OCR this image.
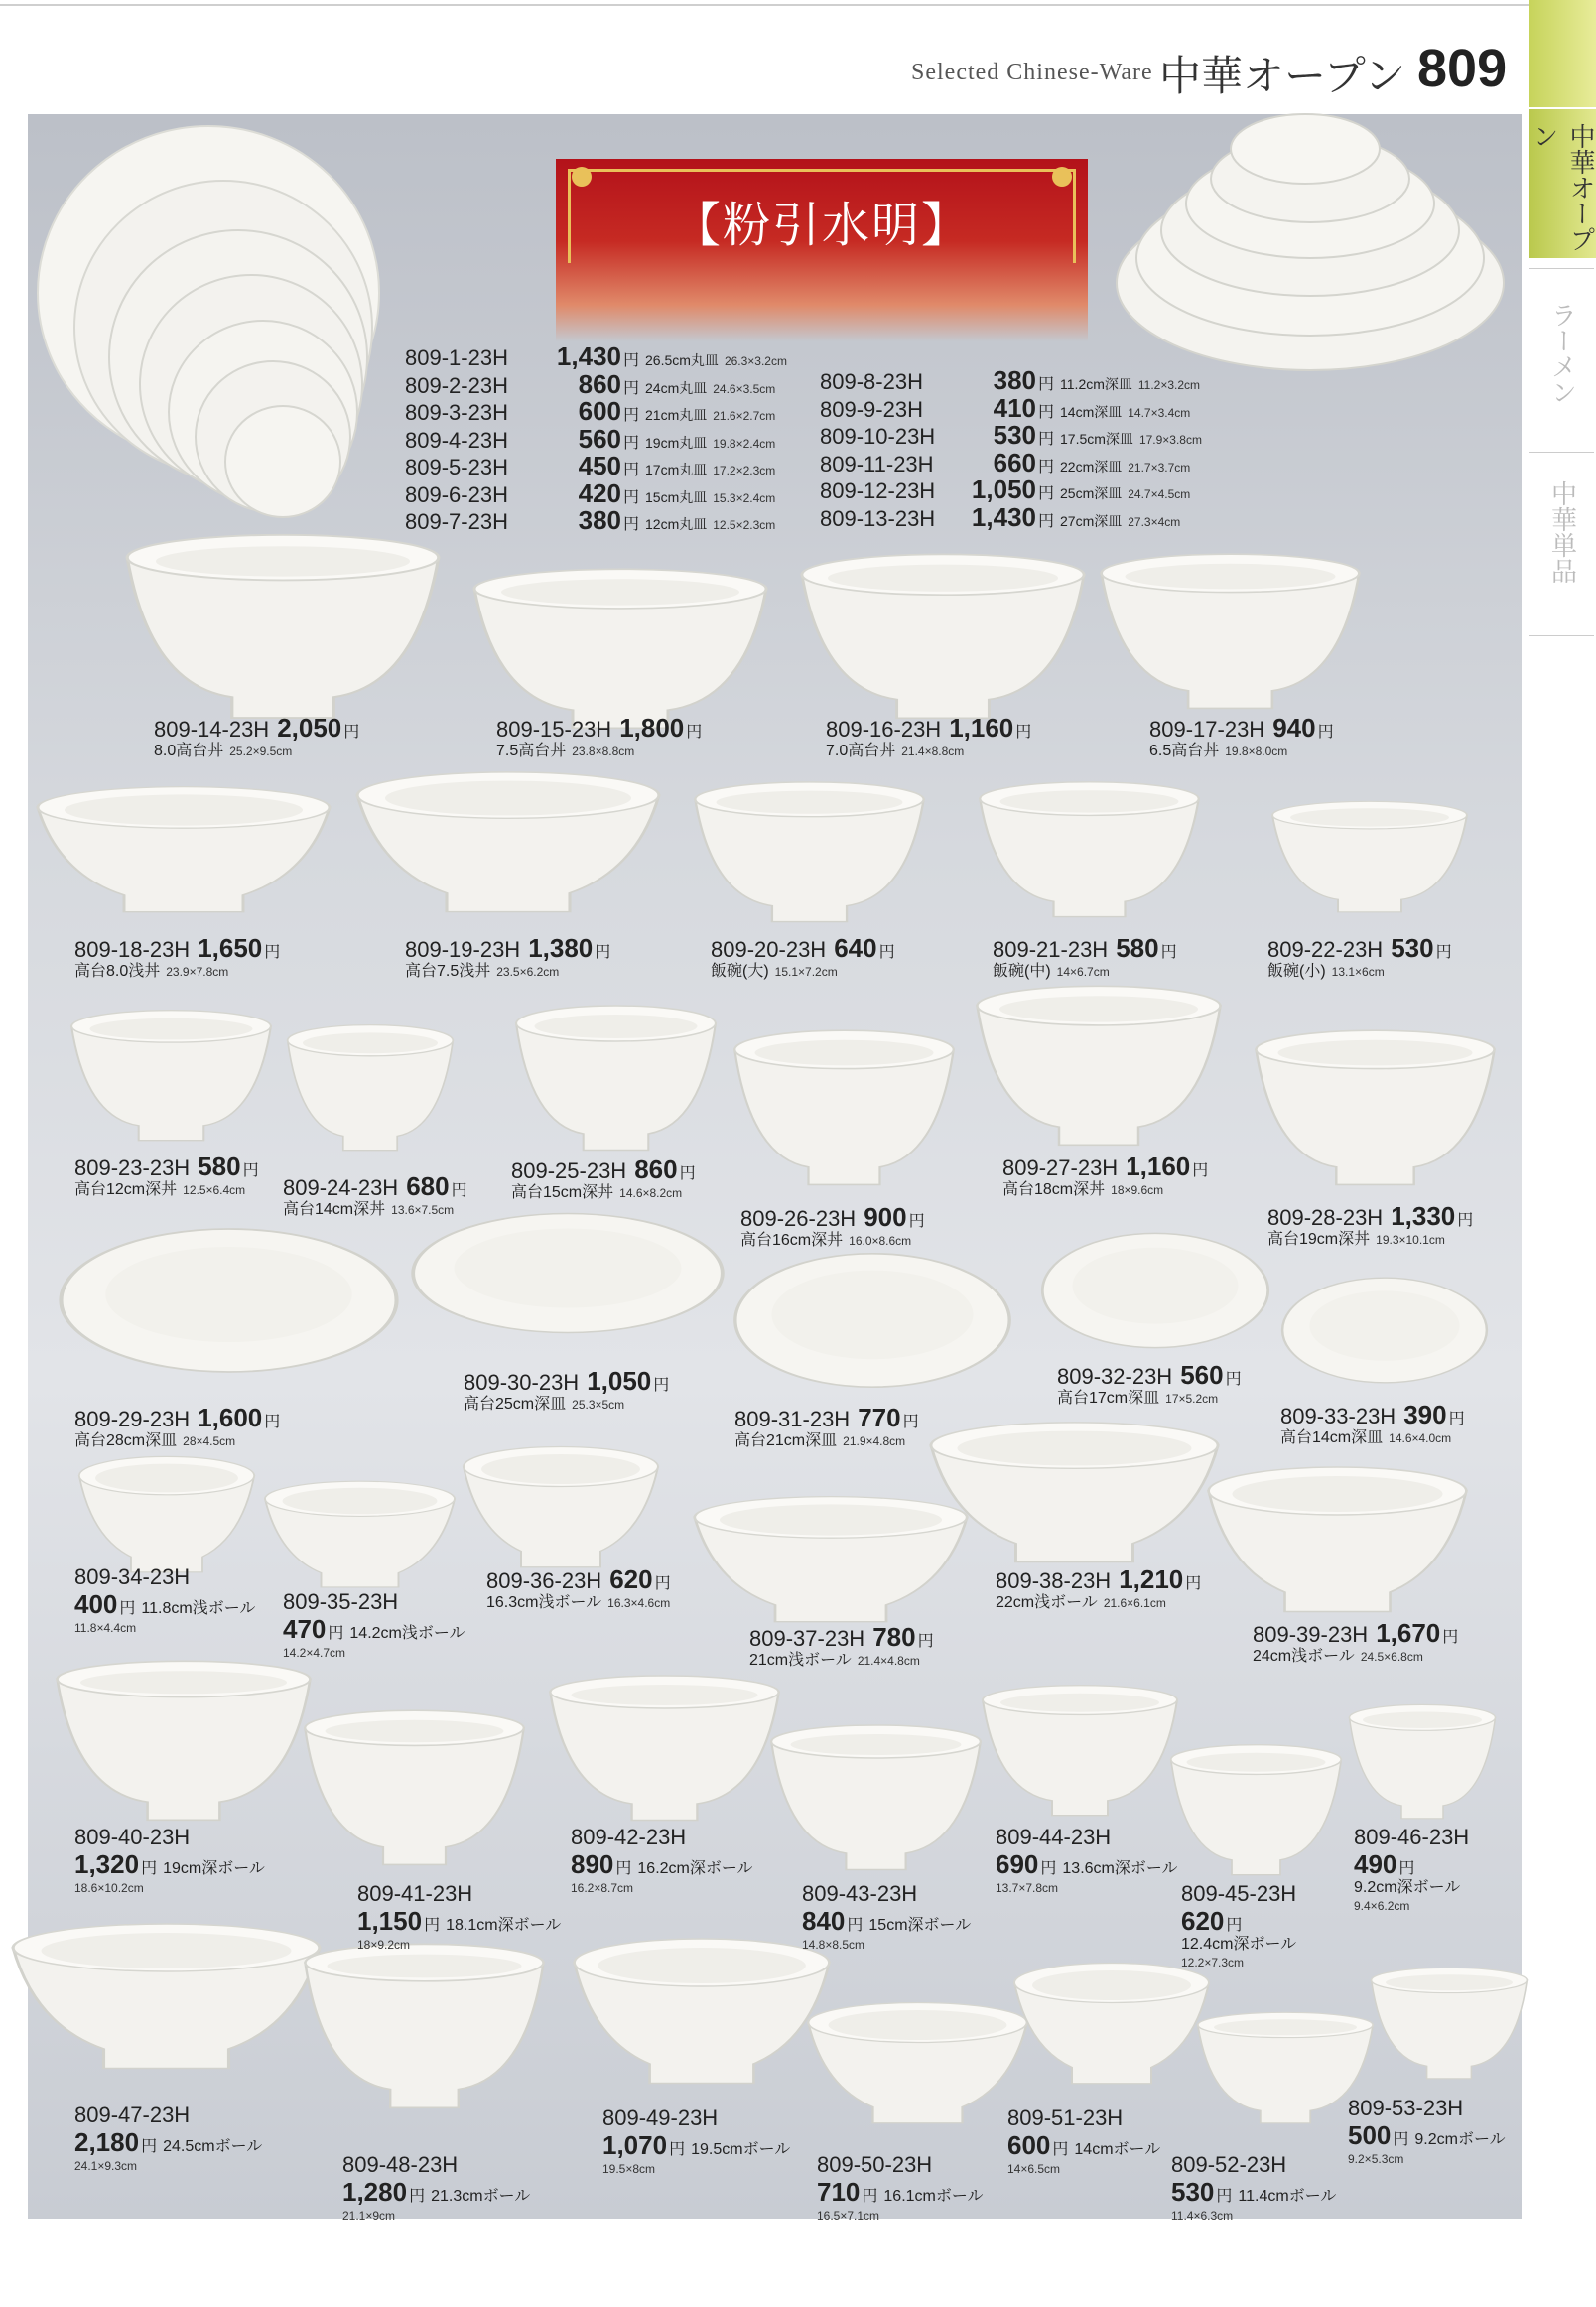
Selected Chinese-Ware 中華オープン 809
中華オープン
ラーメン
中華単品
【粉引水明】
809-1-23H 1,430 円 26.5cm丸皿 26.3×3.2cm
809-2-23H	860 円 24cm丸皿 24.6×3.5cm
809-3-23H	600 円 21cm丸皿 21.6×2.7cm
809-4-23H	560 円 19cm丸皿 19.8×2.4cm
809-5-23H	450 円 17cm丸皿 17.2×2.3cm
809-6-23H	420 円 15cm丸皿 15.3×2.4cm
809-7-23H	380 円 12cm丸皿 12.5×2.3cm
809-8-23H	380 円 11.2cm深皿 11.2×3.2cm
809-9-23H	410 円 14cm深皿 14.7×3.4cm
809-10-23H 530 円 17.5cm深皿 17.9×3.8cm
809-11-23H 660 円 22cm深皿 21.7×3.7cm
809-12-23H 1,050 円 25cm深皿 24.7×4.5cm
809-13-23H 1,430 円 27cm深皿 27.3×4cm
809-14-23H 2,050 円
8.0高台丼 25.2×9.5cm
809-15-23H 1,800 円
7.5高台丼 23.8×8.8cm
809-16-23H 1,160 円
7.0高台丼 21.4×8.8cm
809-17-23H 940 円
6.5高台丼 19.8×8.0cm
809-18-23H 1,650 円
高台8.0浅丼 23.9×7.8cm
809-19-23H 1,380 円
高台7.5浅丼 23.5×6.2cm
809-20-23H 640 円
飯碗(大) 15.1×7.2cm
809-21-23H 580 円
飯碗(中) 14×6.7cm
809-22-23H 530 円
飯碗(小) 13.1×6cm
809-23-23H 580 円
高台12cm深丼 12.5×6.4cm	809-24-23H 680 円
高台14cm深丼 13.6×7.5cm
809-25-23H 860 円
高台15cm深丼 14.6×8.2cm
809-26-23H 900 円
高台16cm深丼 16.0×8.6cm
809-27-23H 1,160 円
高台18cm深丼 18×9.6cm
809-28-23H 1,330 円
高台19cm深丼 19.3×10.1cm
809-29-23H 1,600 円
高台28cm深皿 28×4.5cm
809-30-23H 1,050 円
高台25cm深皿 25.3×5cm
809-31-23H 770 円
高台21cm深皿 21.9×4.8cm
809-32-23H 560 円
高台17cm深皿 17×5.2cm
809-33-23H 390 円
高台14cm深皿 14.6×4.0cm
809-34-23H
400 円 11.8cm浅ボール
11.8×4.4cm
809-35-23H
470 円 14.2cm浅ボール
14.2×4.7cm
809-36-23H 620 円
16.3cm浅ボール 16.3×4.6cm
809-37-23H 780 円
21cm浅ボール 21.4×4.8cm
809-38-23H 1,210 円
22cm浅ボール 21.6×6.1cm
809-39-23H 1,670 円
24cm浅ボール 24.5×6.8cm
809-40-23H
1,320 円 19cm深ボール
18.6×10.2cm	809-41-23H
1,150 円 18.1cm深ボール
18×9.2cm
809-42-23H
890 円 16.2cm深ボール
16.2×8.7cm	809-43-23H
840 円 15cm深ボール
14.8×8.5cm
809-44-23H
690 円 13.6cm深ボール
13.7×7.8cm	809-45-23H
620 円
12.4cm深ボール
12.2×7.3cm
809-46-23H
490 円
9.2cm深ボール
9.4×6.2cm
809-47-23H
2,180 円 24.5cmボール
24.1×9.3cm	809-48-23H
1,280 円 21.3cmボール
21.1×9cm
809-49-23H
1,070 円 19.5cmボール
19.5×8cm	809-50-23H
710 円 16.1cmボール
16.5×7.1cm
809-51-23H
600 円 14cmボール
14×6.5cm	809-52-23H
530 円 11.4cmボール
11.4×6.3cm
809-53-23H
500 円 9.2cmボール
9.2×5.3cm
